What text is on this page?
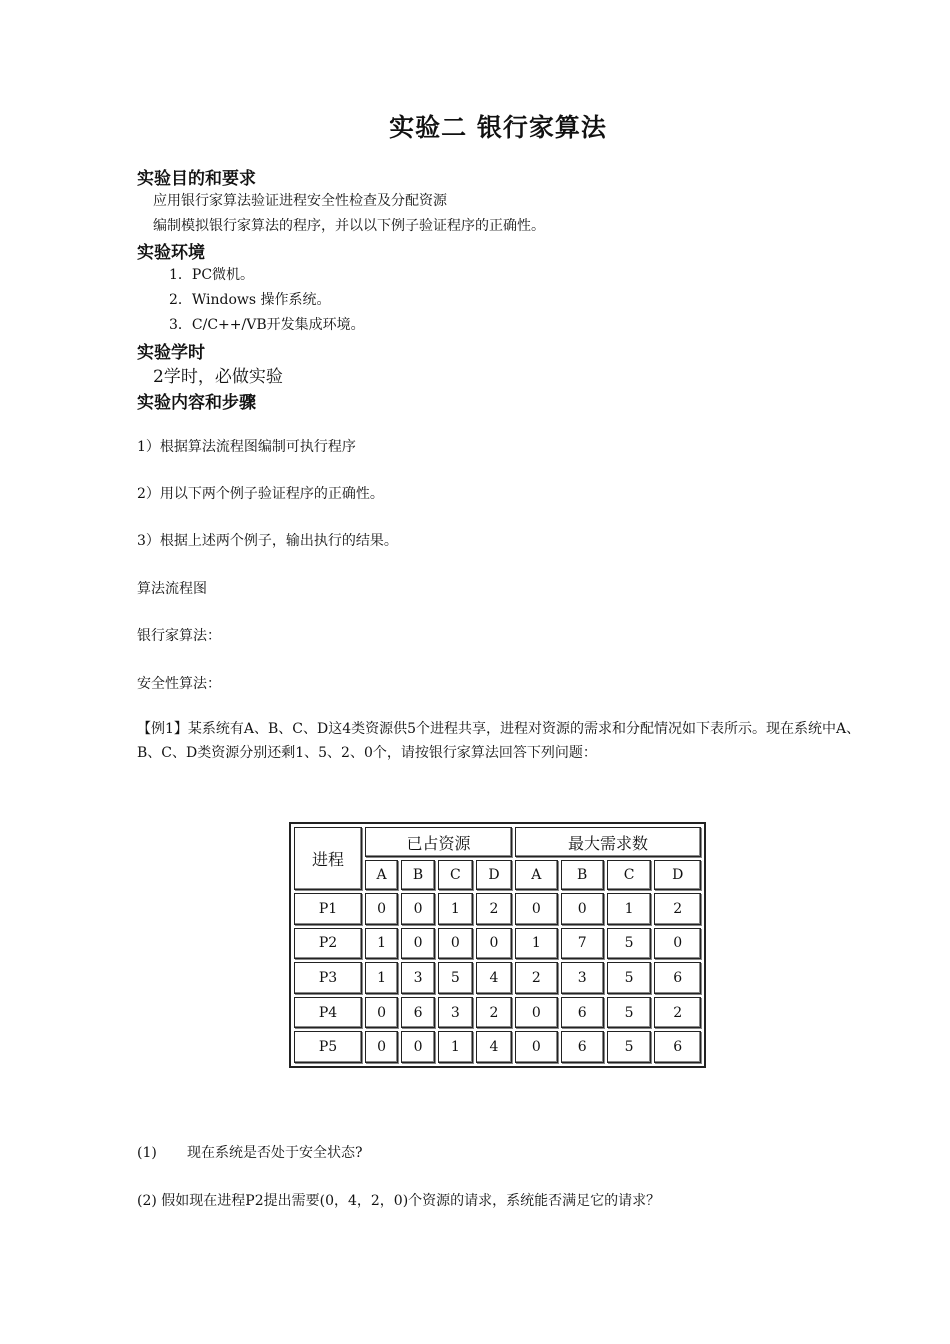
实验二 银行家算法
实验目的和要求
应用银行家算法验证进程安全性检查及分配资源
编制模拟银行家算法的程序，并以以下例子验证程序的正确性。
实验环境
1．PC微机。
2．Windows 操作系统。
3．C/C++/VB开发集成环境。
实验学时
2学时，必做实验
实验内容和步骤
1）根据算法流程图编制可执行程序
2）用以下两个例子验证程序的正确性。
3）根据上述两个例子，输出执行的结果。
算法流程图
银行家算法：
安全性算法：
【例1】某系统有A、B、C、D这4类资源供5个进程共享，进程对资源的需求和分配情况如下表所示。现在系统中A、B、C、D类资源分别还剩1、5、2、0个，请按银行家算法回答下列问题：
进程	已占资源				最大需求数			
	A	B	C	D	A	B	C	D
P1	0	0	1	2	0	0	1	2
P2	1	0	0	0	1	7	5	0
P3	1	3	5	4	2	3	5	6
P4	0	6	3	2	0	6	5	2
P5	0	0	1	4	0	6	5	6
(1) 现在系统是否处于安全状态?
(2) 假如现在进程P2提出需要(0，4，2，0)个资源的请求，系统能否满足它的请求？
